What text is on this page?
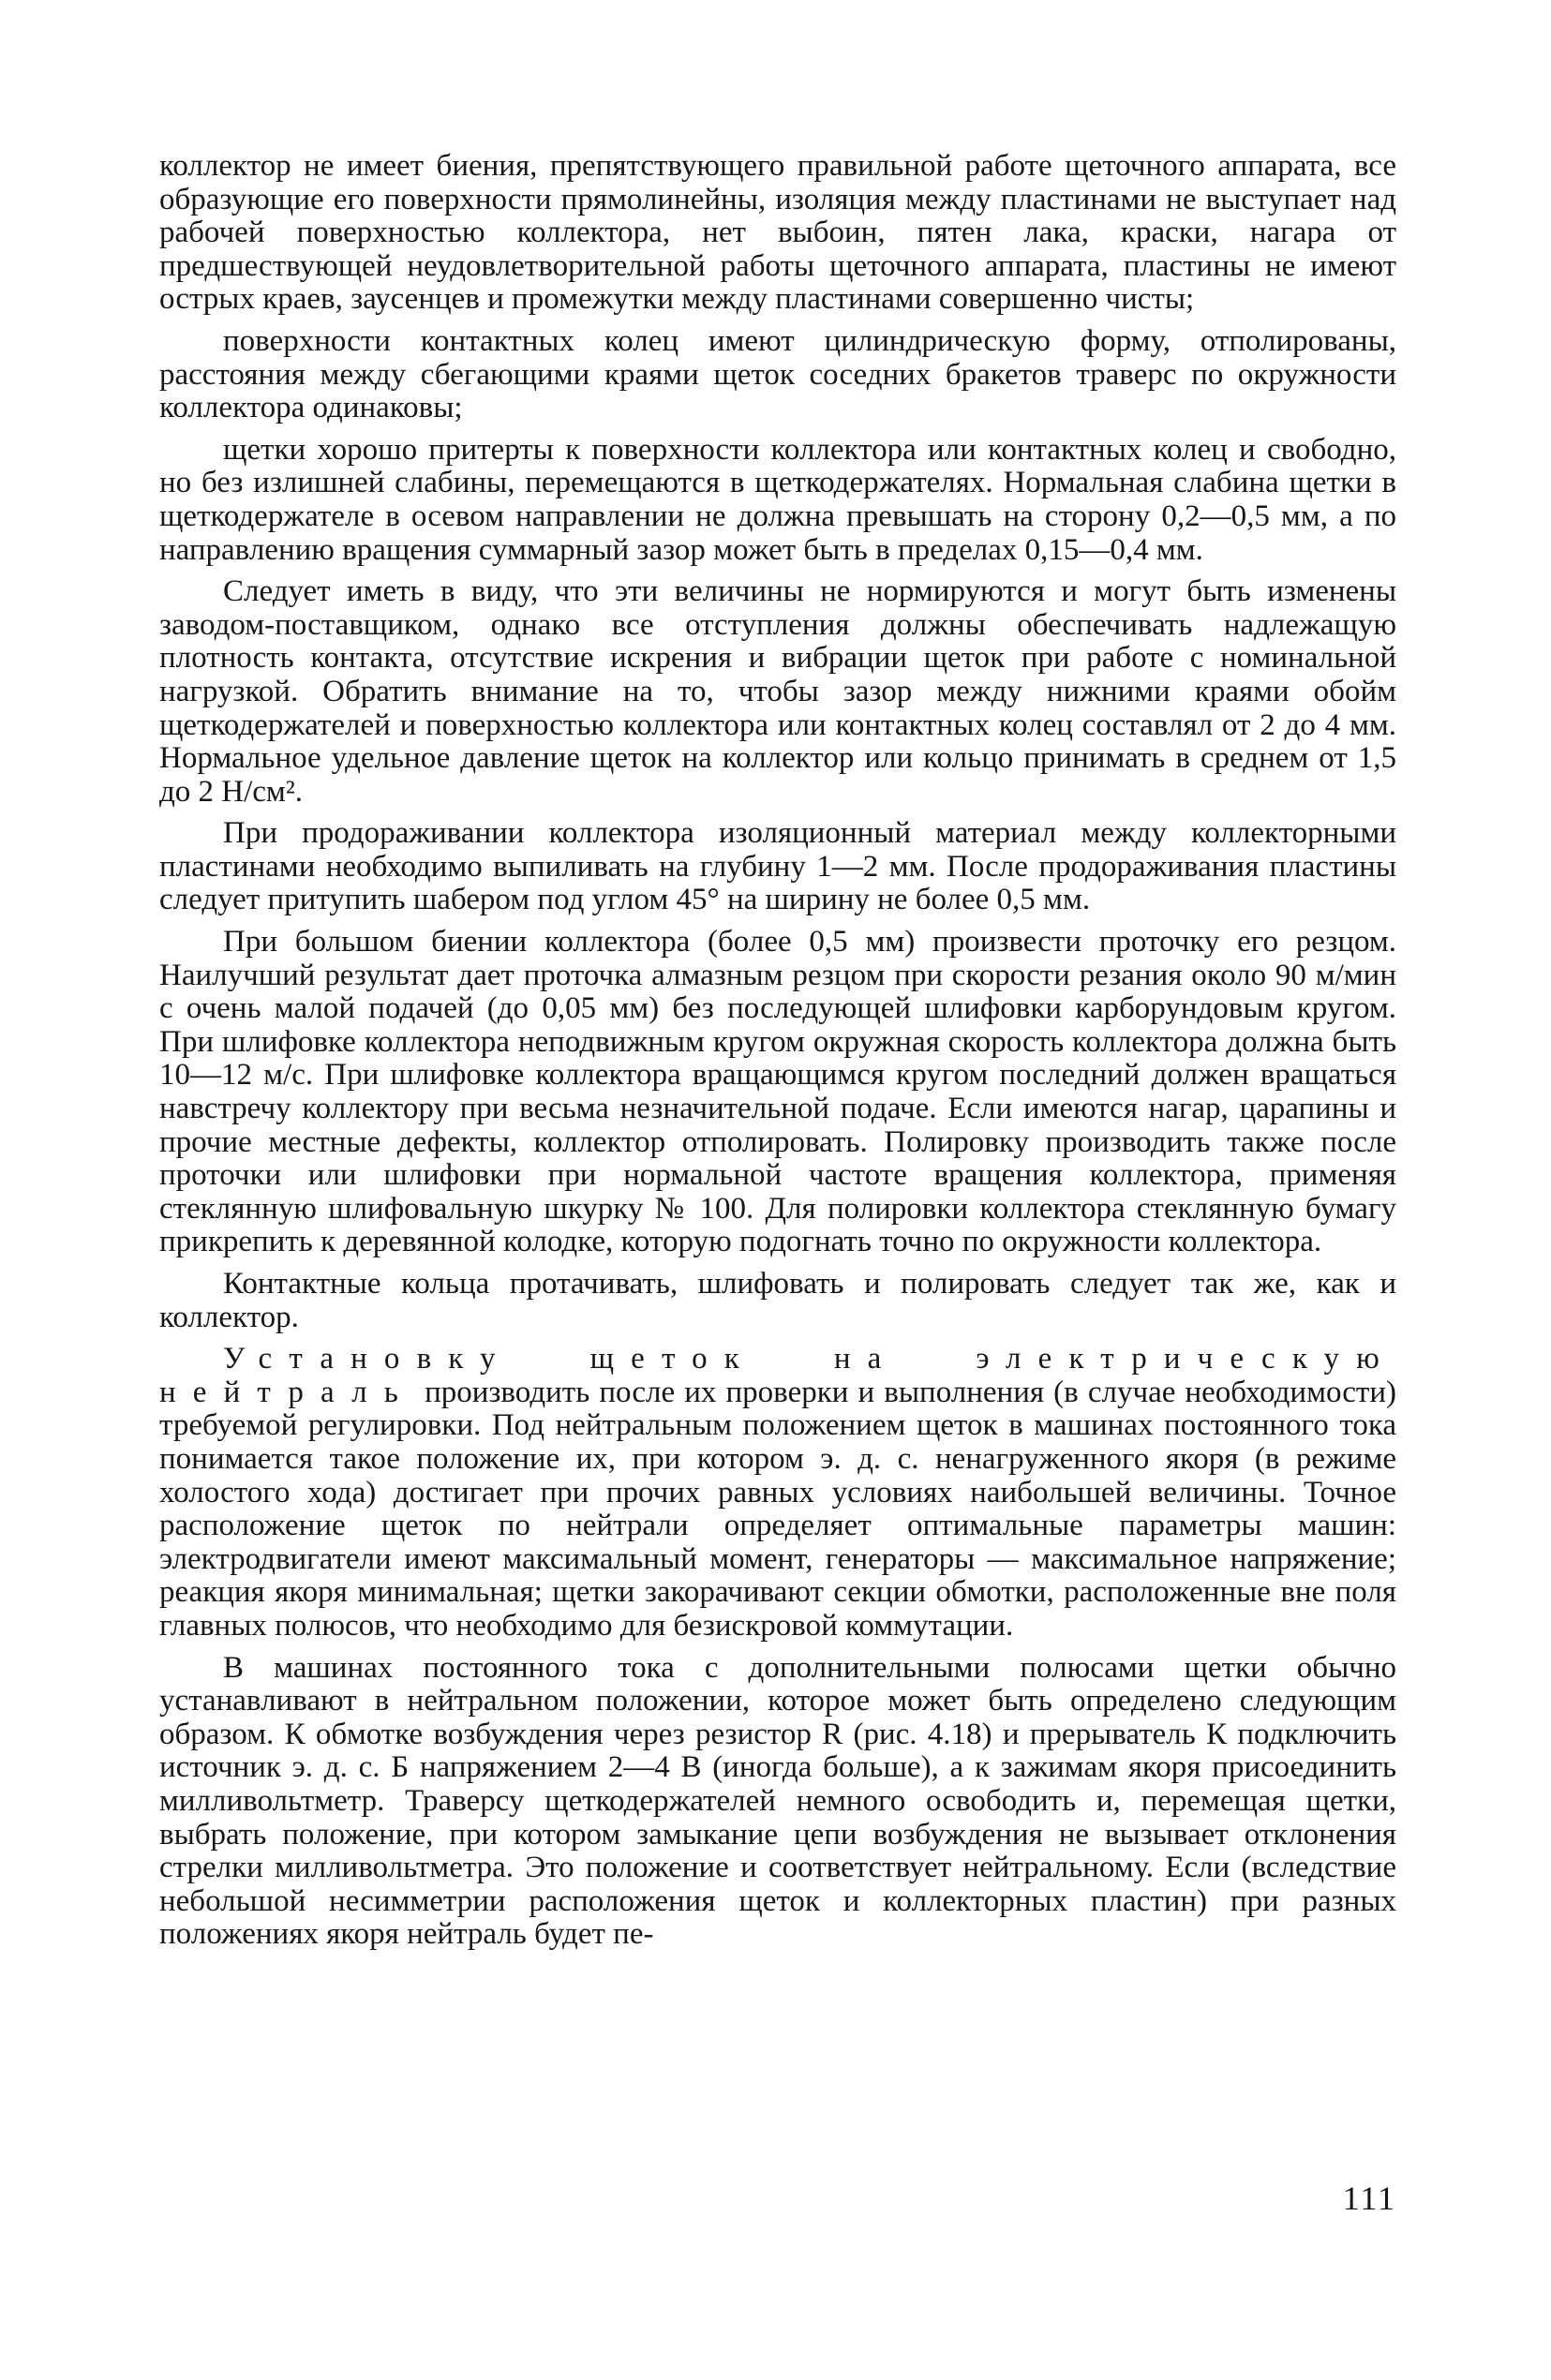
коллектор не имеет биения, препятствующего правильной работе щеточного аппарата, все образующие его поверхности прямолинейны, изоляция между пластинами не выступает над рабочей поверхностью коллектора, нет выбоин, пятен лака, краски, нагара от предшествующей неудовлетворительной работы щеточного аппарата, пластины не имеют острых краев, заусенцев и промежутки между пластинами совершенно чисты;

поверхности контактных колец имеют цилиндрическую форму, отполированы, расстояния между сбегающими краями щеток соседних бракетов траверс по окружности коллектора одинаковы;

щетки хорошо притерты к поверхности коллектора или контактных колец и свободно, но без излишней слабины, перемещаются в щеткодержателях. Нормальная слабина щетки в щеткодержателе в осевом направлении не должна превышать на сторону 0,2—0,5 мм, а по направлению вращения суммарный зазор может быть в пределах 0,15—0,4 мм.

Следует иметь в виду, что эти величины не нормируются и могут быть изменены заводом-поставщиком, однако все отступления должны обеспечивать надлежащую плотность контакта, отсутствие искрения и вибрации щеток при работе с номинальной нагрузкой. Обратить внимание на то, чтобы зазор между нижними краями обойм щеткодержателей и поверхностью коллектора или контактных колец составлял от 2 до 4 мм. Нормальное удельное давление щеток на коллектор или кольцо принимать в среднем от 1,5 до 2 Н/см².

При продораживании коллектора изоляционный материал между коллекторными пластинами необходимо выпиливать на глубину 1—2 мм. После продораживания пластины следует притупить шабером под углом 45° на ширину не более 0,5 мм.

При большом биении коллектора (более 0,5 мм) произвести проточку его резцом. Наилучший результат дает проточка алмазным резцом при скорости резания около 90 м/мин с очень малой подачей (до 0,05 мм) без последующей шлифовки карборундовым кругом. При шлифовке коллектора неподвижным кругом окружная скорость коллектора должна быть 10—12 м/с. При шлифовке коллектора вращающимся кругом последний должен вращаться навстречу коллектору при весьма незначительной подаче. Если имеются нагар, царапины и прочие местные дефекты, коллектор отполировать. Полировку производить также после проточки или шлифовки при нормальной частоте вращения коллектора, применяя стеклянную шлифовальную шкурку № 100. Для полировки коллектора стеклянную бумагу прикрепить к деревянной колодке, которую подогнать точно по окружности коллектора.

Контактные кольца протачивать, шлифовать и полировать следует так же, как и коллектор.

Установку щеток на электрическую нейтраль производить после их проверки и выполнения (в случае необходимости) требуемой регулировки. Под нейтральным положением щеток в машинах постоянного тока понимается такое положение их, при котором э. д. с. ненагруженного якоря (в режиме холостого хода) достигает при прочих равных условиях наибольшей величины. Точное расположение щеток по нейтрали определяет оптимальные параметры машин: электродвигатели имеют максимальный момент, генераторы — максимальное напряжение; реакция якоря минимальная; щетки закорачивают секции обмотки, расположенные вне поля главных полюсов, что необходимо для безискровой коммутации.

В машинах постоянного тока с дополнительными полюсами щетки обычно устанавливают в нейтральном положении, которое может быть определено следующим образом. К обмотке возбуждения через резистор R (рис. 4.18) и прерыватель К подключить источник э. д. с. Б напряжением 2—4 В (иногда больше), а к зажимам якоря присоединить милливольтметр. Траверсу щеткодержателей немного освободить и, перемещая щетки, выбрать положение, при котором замыкание цепи возбуждения не вызывает отклонения стрелки милливольтметра. Это положение и соответствует нейтральному. Если (вследствие небольшой несимметрии расположения щеток и коллекторных пластин) при разных положениях якоря нейтраль будет пе-

111
